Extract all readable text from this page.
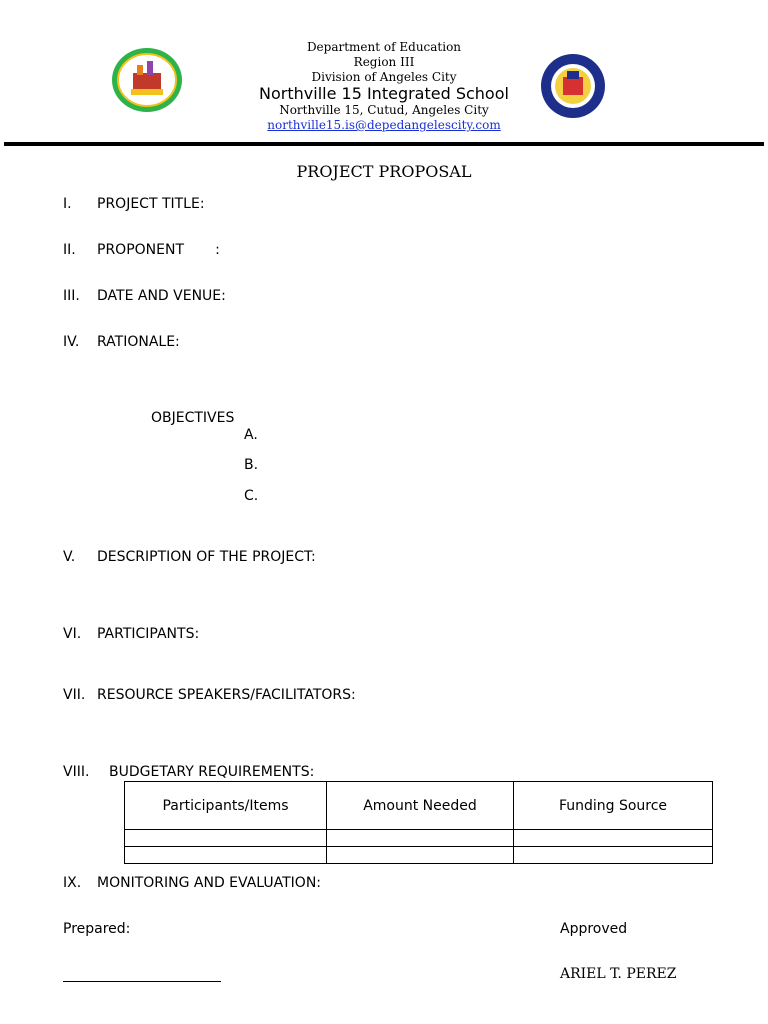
Department of Education
Region III
Division of Angeles City
Northville 15 Integrated School
Northville 15, Cutud, Angeles City
northville15.is@depedangelescity.com
PROJECT PROPOSAL
I. PROJECT TITLE:
II. PROPONENT       :
III. DATE AND VENUE:
IV. RATIONALE:
OBJECTIVES
A.
B.
C.
V. DESCRIPTION OF THE PROJECT:
VI. PARTICIPANTS:
VII. RESOURCE SPEAKERS/FACILITATORS:
VIII. BUDGETARY REQUIREMENTS:
Participants/Items	Amount Needed	Funding Source

IX. MONITORING AND EVALUATION:
Prepared:	Approved
ARIEL T. PEREZ
